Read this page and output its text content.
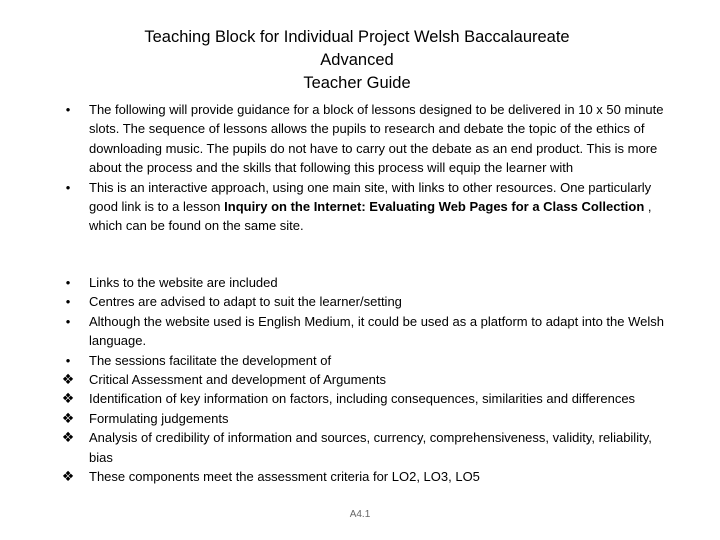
Teaching Block for Individual Project Welsh Baccalaureate
Advanced
Teacher Guide
•	The following will provide guidance for a block of lessons designed to be delivered in 10 x 50 minute slots. The sequence of lessons allows the pupils to research and debate the topic of the ethics of downloading music. The pupils do not have to carry out the debate as an end product. This is more about the process and the skills that following this process will equip the learner with
•	This is an interactive approach, using one main site, with links to other resources. One particularly good link is to a lesson Inquiry on the Internet: Evaluating Web Pages for a Class Collection , which can be found on the same site.
•	Links to the website are included
•	Centres are advised to adapt to suit the learner/setting
•	Although the website used is English Medium, it could be used as a platform to adapt into the Welsh language.
•	The sessions facilitate the development of
❖ Critical Assessment and development of Arguments
❖ Identification of key information on factors, including consequences, similarities and differences
❖ Formulating judgements
❖ Analysis of credibility of information and sources, currency, comprehensiveness, validity, reliability, bias
❖ These components meet the assessment criteria for LO2, LO3, LO5
A4.1
